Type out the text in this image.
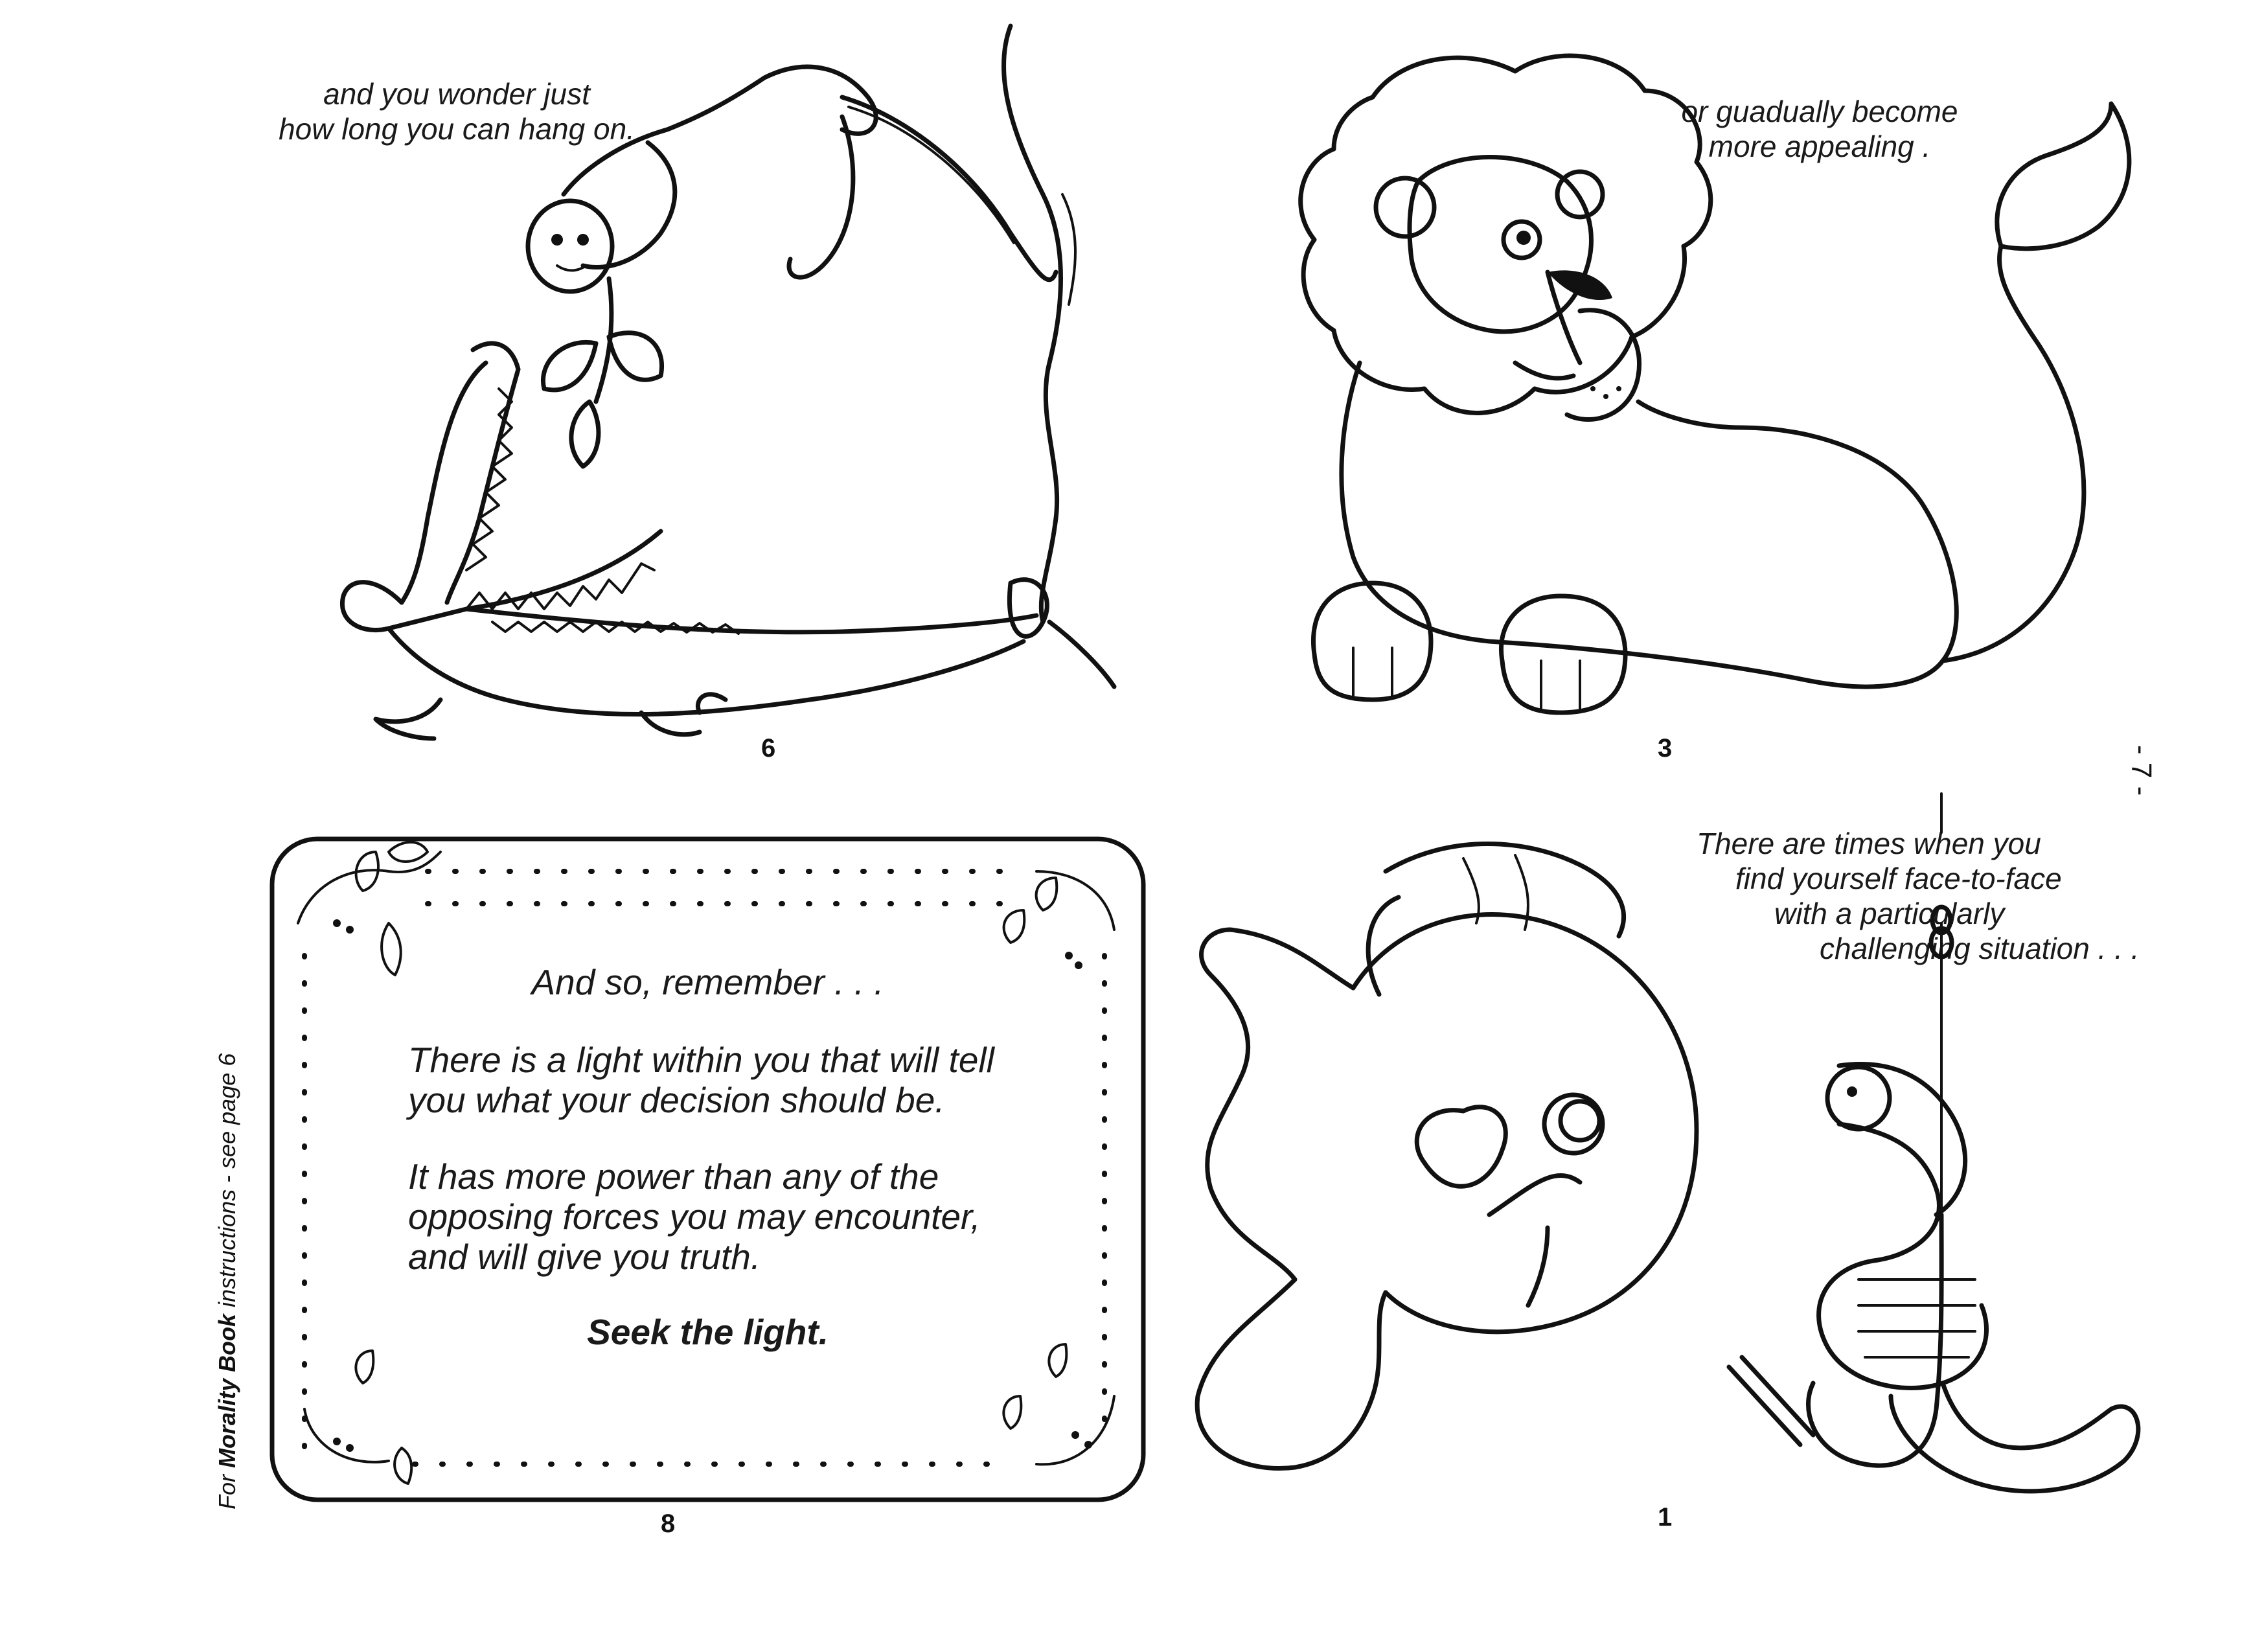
and you wonder just
how long you can hang on.
6
or guadually become
more appealing .
3
And so, remember . . .
There is a light within you that will tell
you what your decision should be.
It has more power than any of the
opposing forces you may encounter,
and will give you truth.
Seek the light.
8
There are times when you
find yourself face-to-face
with a particularly
challenging situation . . .
1
For Morality Book instructions - see page 6
- 7 -
